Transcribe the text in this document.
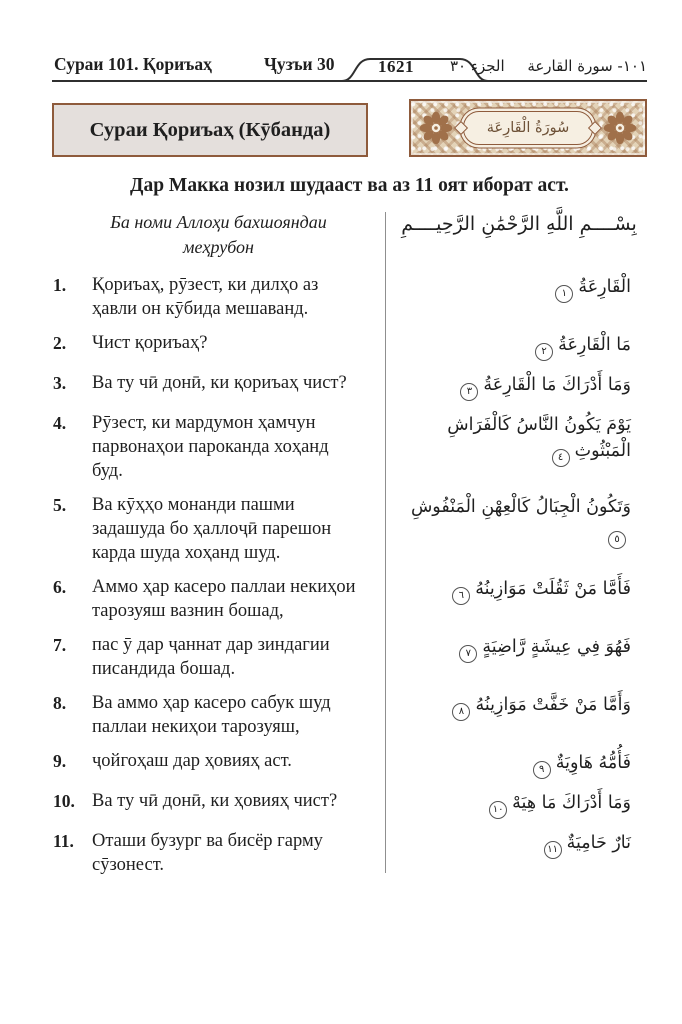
Сураи 101. Қориъаҳ	Ҷузъи 30	1621	الجزء ٣٠ ١٠١- سورة القارعة
Сураи Қориъаҳ (Кӯбанда)	سُورَةُ الْقَارِعَة
Дар Макка нозил шудааст ва аз 11 оят иборат аст.
Ба номи Аллоҳи бахшояндаи меҳрубон
بِسْــــمِ اللَّهِ الرَّحْمَٰنِ الرَّحِيــــمِ
1.	Қориъаҳ, рӯзест, ки дилҳо аз ҳавли он кӯбида мешаванд.
الْقَارِعَةُ١
2.	Чист қориъаҳ?	مَا الْقَارِعَةُ٢
3.	Ва ту чӣ донӣ, ки қориъаҳ чист?	وَمَا أَدْرَاكَ مَا الْقَارِعَةُ٣
4.	Рӯзест, ки мардумон ҳамчун парвонаҳои пароканда хоҳанд буд.
يَوْمَ يَكُونُ النَّاسُ كَالْفَرَاشِ الْمَبْثُوثِ٤
5.	Ва кӯҳҳо монанди пашми задашуда бо ҳаллоҷӣ парешон карда шуда хоҳанд шуд.
وَتَكُونُ الْجِبَالُ كَالْعِهْنِ الْمَنْفُوشِ٥
6.	Аммо ҳар касеро паллаи некиҳои тарозуяш вазнин бошад,
فَأَمَّا مَنْ ثَقُلَتْ مَوَازِينُهُ٦
7.	пас ӯ дар ҷаннат дар зиндагии писандида бошад.
فَهُوَ فِي عِيشَةٍ رَّاضِيَةٍ٧
8.	Ва аммо ҳар касеро сабук шуд паллаи некиҳои тарозуяш,
وَأَمَّا مَنْ خَفَّتْ مَوَازِينُهُ٨
9.	ҷойгоҳаш дар ҳовияҳ аст.	فَأُمُّهُ هَاوِيَةٌ٩
10. Ва ту чӣ донӣ, ки ҳовияҳ чист?	وَمَا أَدْرَاكَ مَا هِيَهْ١٠
11. Оташи бузург ва бисёр гарму сӯзонест.
نَارٌ حَامِيَةٌ١١
